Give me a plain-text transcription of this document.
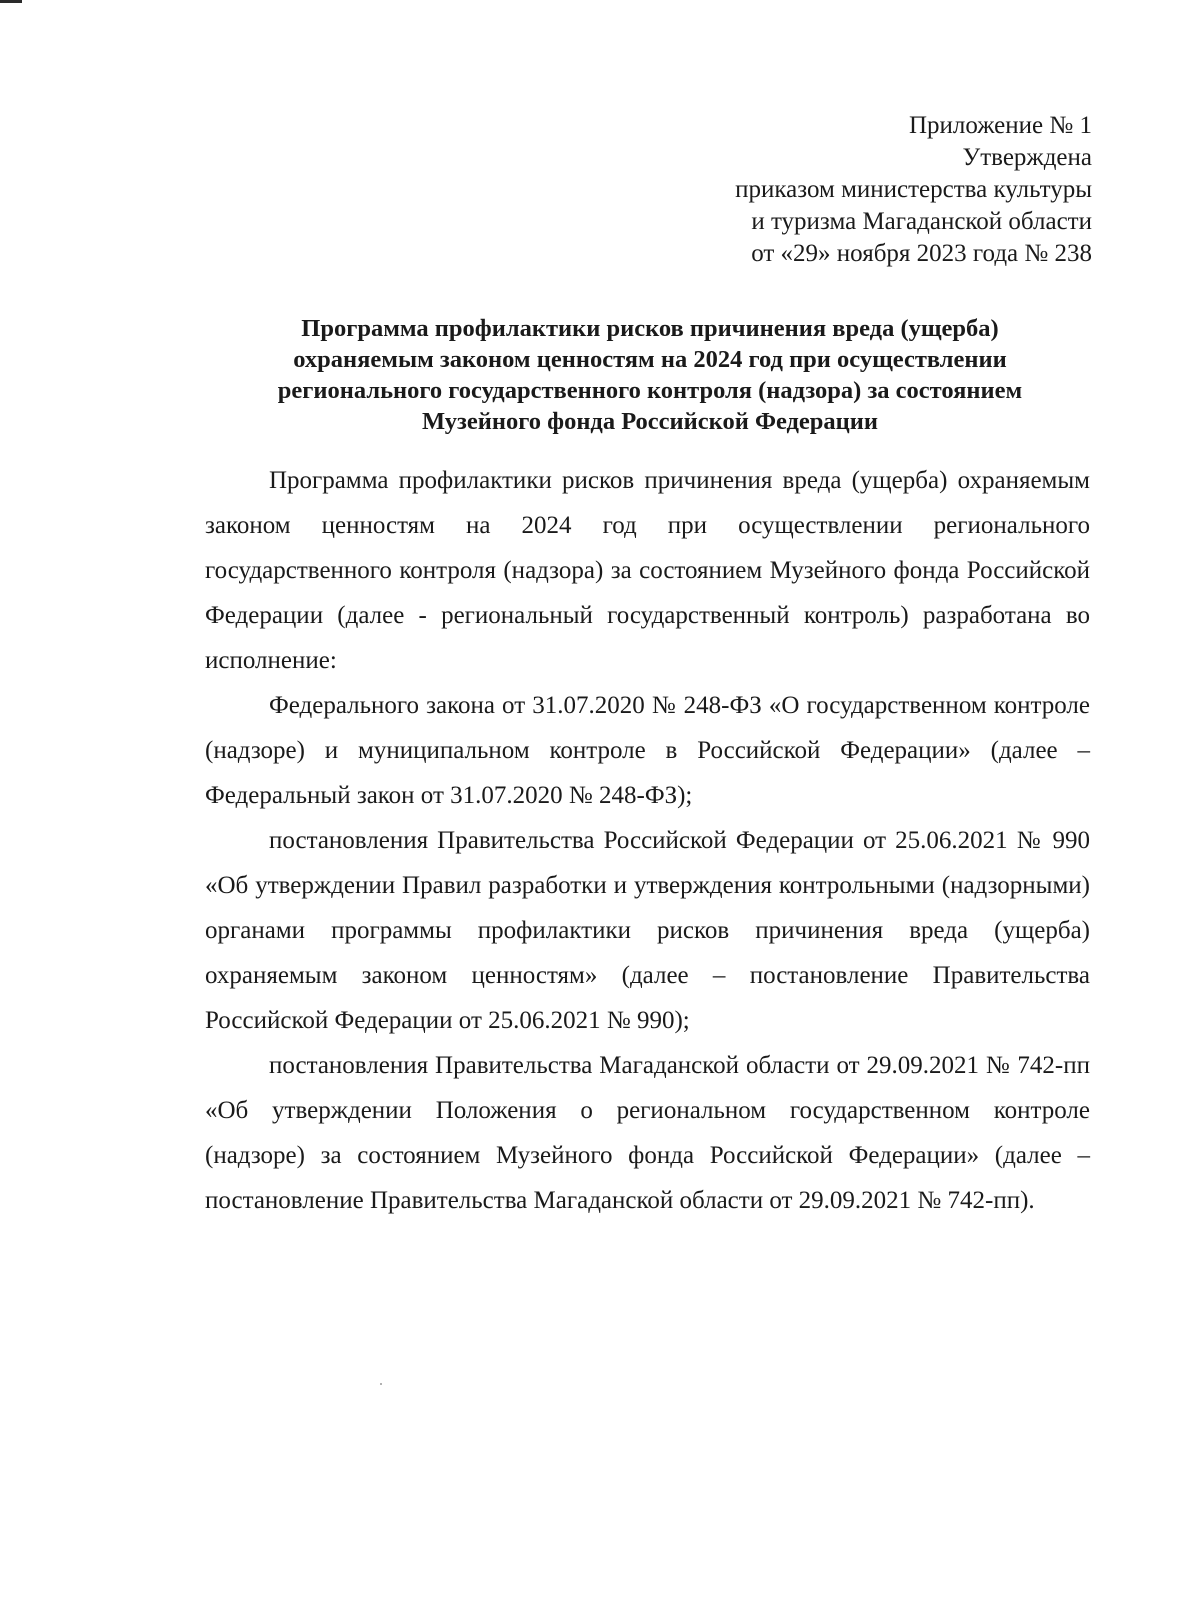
Приложение № 1
Утверждена
приказом министерства культуры
и туризма Магаданской области
от «29» ноября 2023 года № 238
Программа профилактики рисков причинения вреда (ущерба)
охраняемым законом ценностям на 2024 год при осуществлении
регионального государственного контроля (надзора) за состоянием
Музейного фонда Российской Федерации

Программа профилактики рисков причинения вреда (ущерба) охраняемым законом ценностям на 2024 год при осуществлении регионального государственного контроля (надзора) за состоянием Музейного фонда Российской Федерации (далее - региональный государственный контроль) разработана во исполнение:

Федерального закона от 31.07.2020 № 248-ФЗ «О государственном контроле (надзоре) и муниципальном контроле в Российской Федерации» (далее – Федеральный закон от 31.07.2020 № 248-ФЗ);

постановления Правительства Российской Федерации от 25.06.2021 № 990 «Об утверждении Правил разработки и утверждения контрольными (надзорными) органами программы профилактики рисков причинения вреда (ущерба) охраняемым законом ценностям» (далее – постановление Правительства Российской Федерации от 25.06.2021 № 990);

постановления Правительства Магаданской области от 29.09.2021 № 742-пп «Об утверждении Положения о региональном государственном контроле (надзоре) за состоянием Музейного фонда Российской Федерации» (далее – постановление Правительства Магаданской области от 29.09.2021 № 742-пп).
